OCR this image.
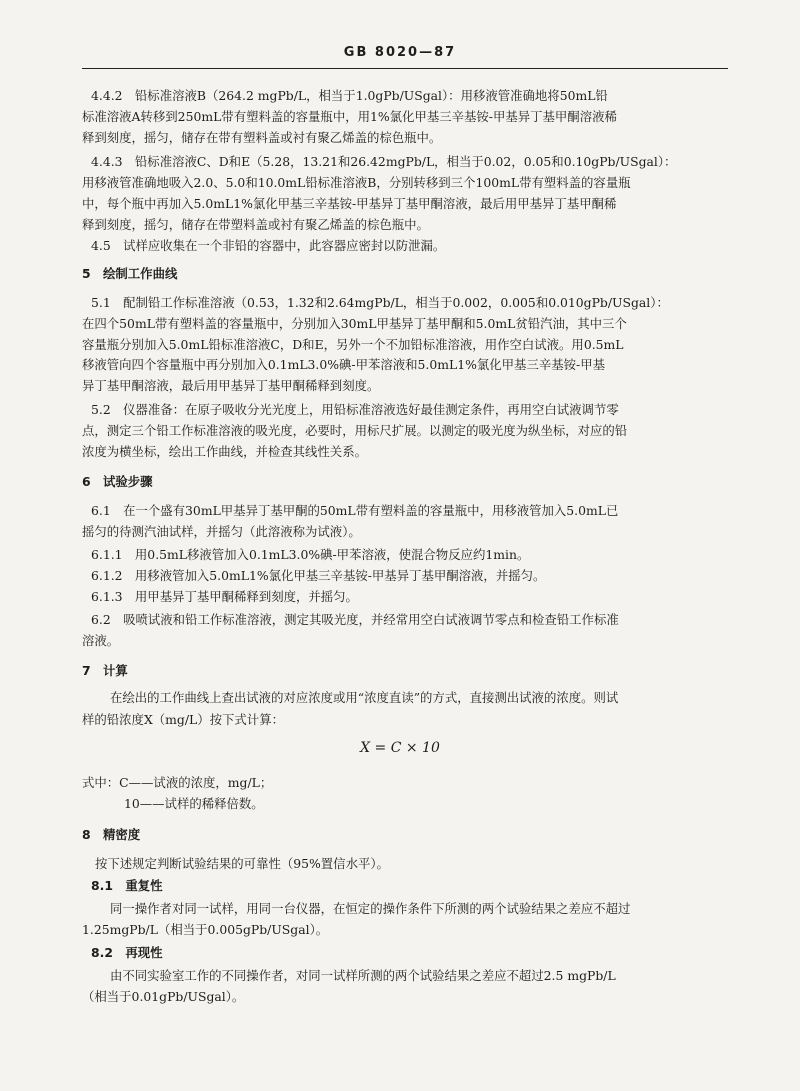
GB 8020—87
4.4.2　铅标准溶液B（264.2 mgPb/L，相当于1.0gPb/USgal）：用移液管准确地将50mL铅
标准溶液A转移到250mL带有塑料盖的容量瓶中，用1%氯化甲基三辛基铵-甲基异丁基甲酮溶液稀
释到刻度，摇匀，储存在带有塑料盖或衬有聚乙烯盖的棕色瓶中。
4.4.3　铅标准溶液C、D和E（5.28，13.21和26.42mgPb/L，相当于0.02，0.05和0.10gPb/USgal）：
用移液管准确地吸入2.0、5.0和10.0mL铅标准溶液B，分别转移到三个100mL带有塑料盖的容量瓶
中，每个瓶中再加入5.0mL1%氯化甲基三辛基铵-甲基异丁基甲酮溶液，最后用甲基异丁基甲酮稀
释到刻度，摇匀，储存在带塑料盖或衬有聚乙烯盖的棕色瓶中。
4.5　试样应收集在一个非铅的容器中，此容器应密封以防泄漏。
5　绘制工作曲线
5.1　配制铅工作标准溶液（0.53，1.32和2.64mgPb/L，相当于0.002，0.005和0.010gPb/USgal）：
在四个50mL带有塑料盖的容量瓶中，分别加入30mL甲基异丁基甲酮和5.0mL贫铅汽油，其中三个
容量瓶分别加入5.0mL铅标准溶液C，D和E，另外一个不加铅标准溶液，用作空白试液。用0.5mL
移液管向四个容量瓶中再分别加入0.1mL3.0%碘-甲苯溶液和5.0mL1%氯化甲基三辛基铵-甲基
异丁基甲酮溶液，最后用甲基异丁基甲酮稀释到刻度。
5.2　仪器准备：在原子吸收分光光度上，用铅标准溶液选好最佳测定条件，再用空白试液调节零
点，测定三个铅工作标准溶液的吸光度，必要时，用标尺扩展。以测定的吸光度为纵坐标，对应的铅
浓度为横坐标，绘出工作曲线，并检查其线性关系。
6　试验步骤
6.1　在一个盛有30mL甲基异丁基甲酮的50mL带有塑料盖的容量瓶中，用移液管加入5.0mL已
摇匀的待测汽油试样，并摇匀（此溶液称为试液）。
6.1.1　用0.5mL移液管加入0.1mL3.0%碘-甲苯溶液，使混合物反应约1min。
6.1.2　用移液管加入5.0mL1%氯化甲基三辛基铵-甲基异丁基甲酮溶液，并摇匀。
6.1.3　用甲基异丁基甲酮稀释到刻度，并摇匀。
6.2　吸喷试液和铅工作标准溶液，测定其吸光度，并经常用空白试液调节零点和检查铅工作标准
溶液。
7　计算
在绘出的工作曲线上查出试液的对应浓度或用“浓度直读”的方式，直接测出试液的浓度。则试
样的铅浓度X（mg/L）按下式计算：
X = C × 10
式中：C——试液的浓度，mg/L；
10——试样的稀释倍数。
8　精密度
按下述规定判断试验结果的可靠性（95%置信水平）。
8.1　重复性
同一操作者对同一试样，用同一台仪器，在恒定的操作条件下所测的两个试验结果之差应不超过
1.25mgPb/L（相当于0.005gPb/USgal）。
8.2　再现性
由不同实验室工作的不同操作者，对同一试样所测的两个试验结果之差应不超过2.5 mgPb/L
（相当于0.01gPb/USgal）。
